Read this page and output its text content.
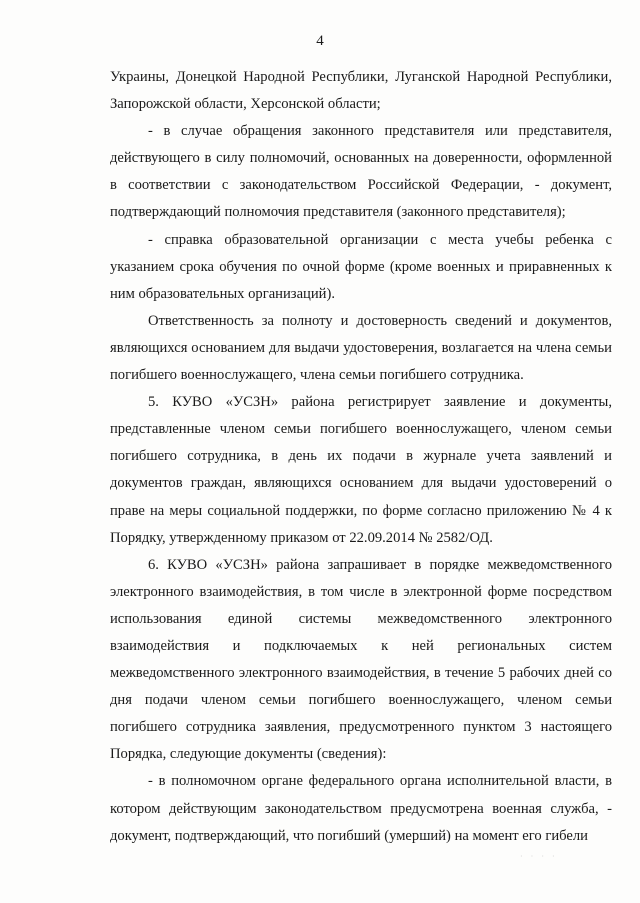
4

Украины, Донецкой Народной Республики, Луганской Народной Республики, Запорожской области, Херсонской области;

- в случае обращения законного представителя или представителя, действующего в силу полномочий, основанных на доверенности, оформленной в соответствии с законодательством Российской Федерации, - документ, подтверждающий полномочия представителя (законного представителя);

- справка образовательной организации с места учебы ребенка с указанием срока обучения по очной форме (кроме военных и приравненных к ним образовательных организаций).

Ответственность за полноту и достоверность сведений и документов, являющихся основанием для выдачи удостоверения, возлагается на члена семьи погибшего военнослужащего, члена семьи погибшего сотрудника.

5. КУВО «УСЗН» района регистрирует заявление и документы, представленные членом семьи погибшего военнослужащего, членом семьи погибшего сотрудника, в день их подачи в журнале учета заявлений и документов граждан, являющихся основанием для выдачи удостоверений о праве на меры социальной поддержки, по форме согласно приложению № 4 к Порядку, утвержденному приказом от 22.09.2014 № 2582/ОД.

6. КУВО «УСЗН» района запрашивает в порядке межведомственного электронного взаимодействия, в том числе в электронной форме посредством использования единой системы межведомственного электронного взаимодействия и подключаемых к ней региональных систем межведомственного электронного взаимодействия, в течение 5 рабочих дней со дня подачи членом семьи погибшего военнослужащего, членом семьи погибшего сотрудника заявления, предусмотренного пунктом 3 настоящего Порядка, следующие документы (сведения):

- в полномочном органе федерального органа исполнительной власти, в котором действующим законодательством предусмотрена военная служба, - документ, подтверждающий, что погибший (умерший) на момент его гибели

· · · ·
